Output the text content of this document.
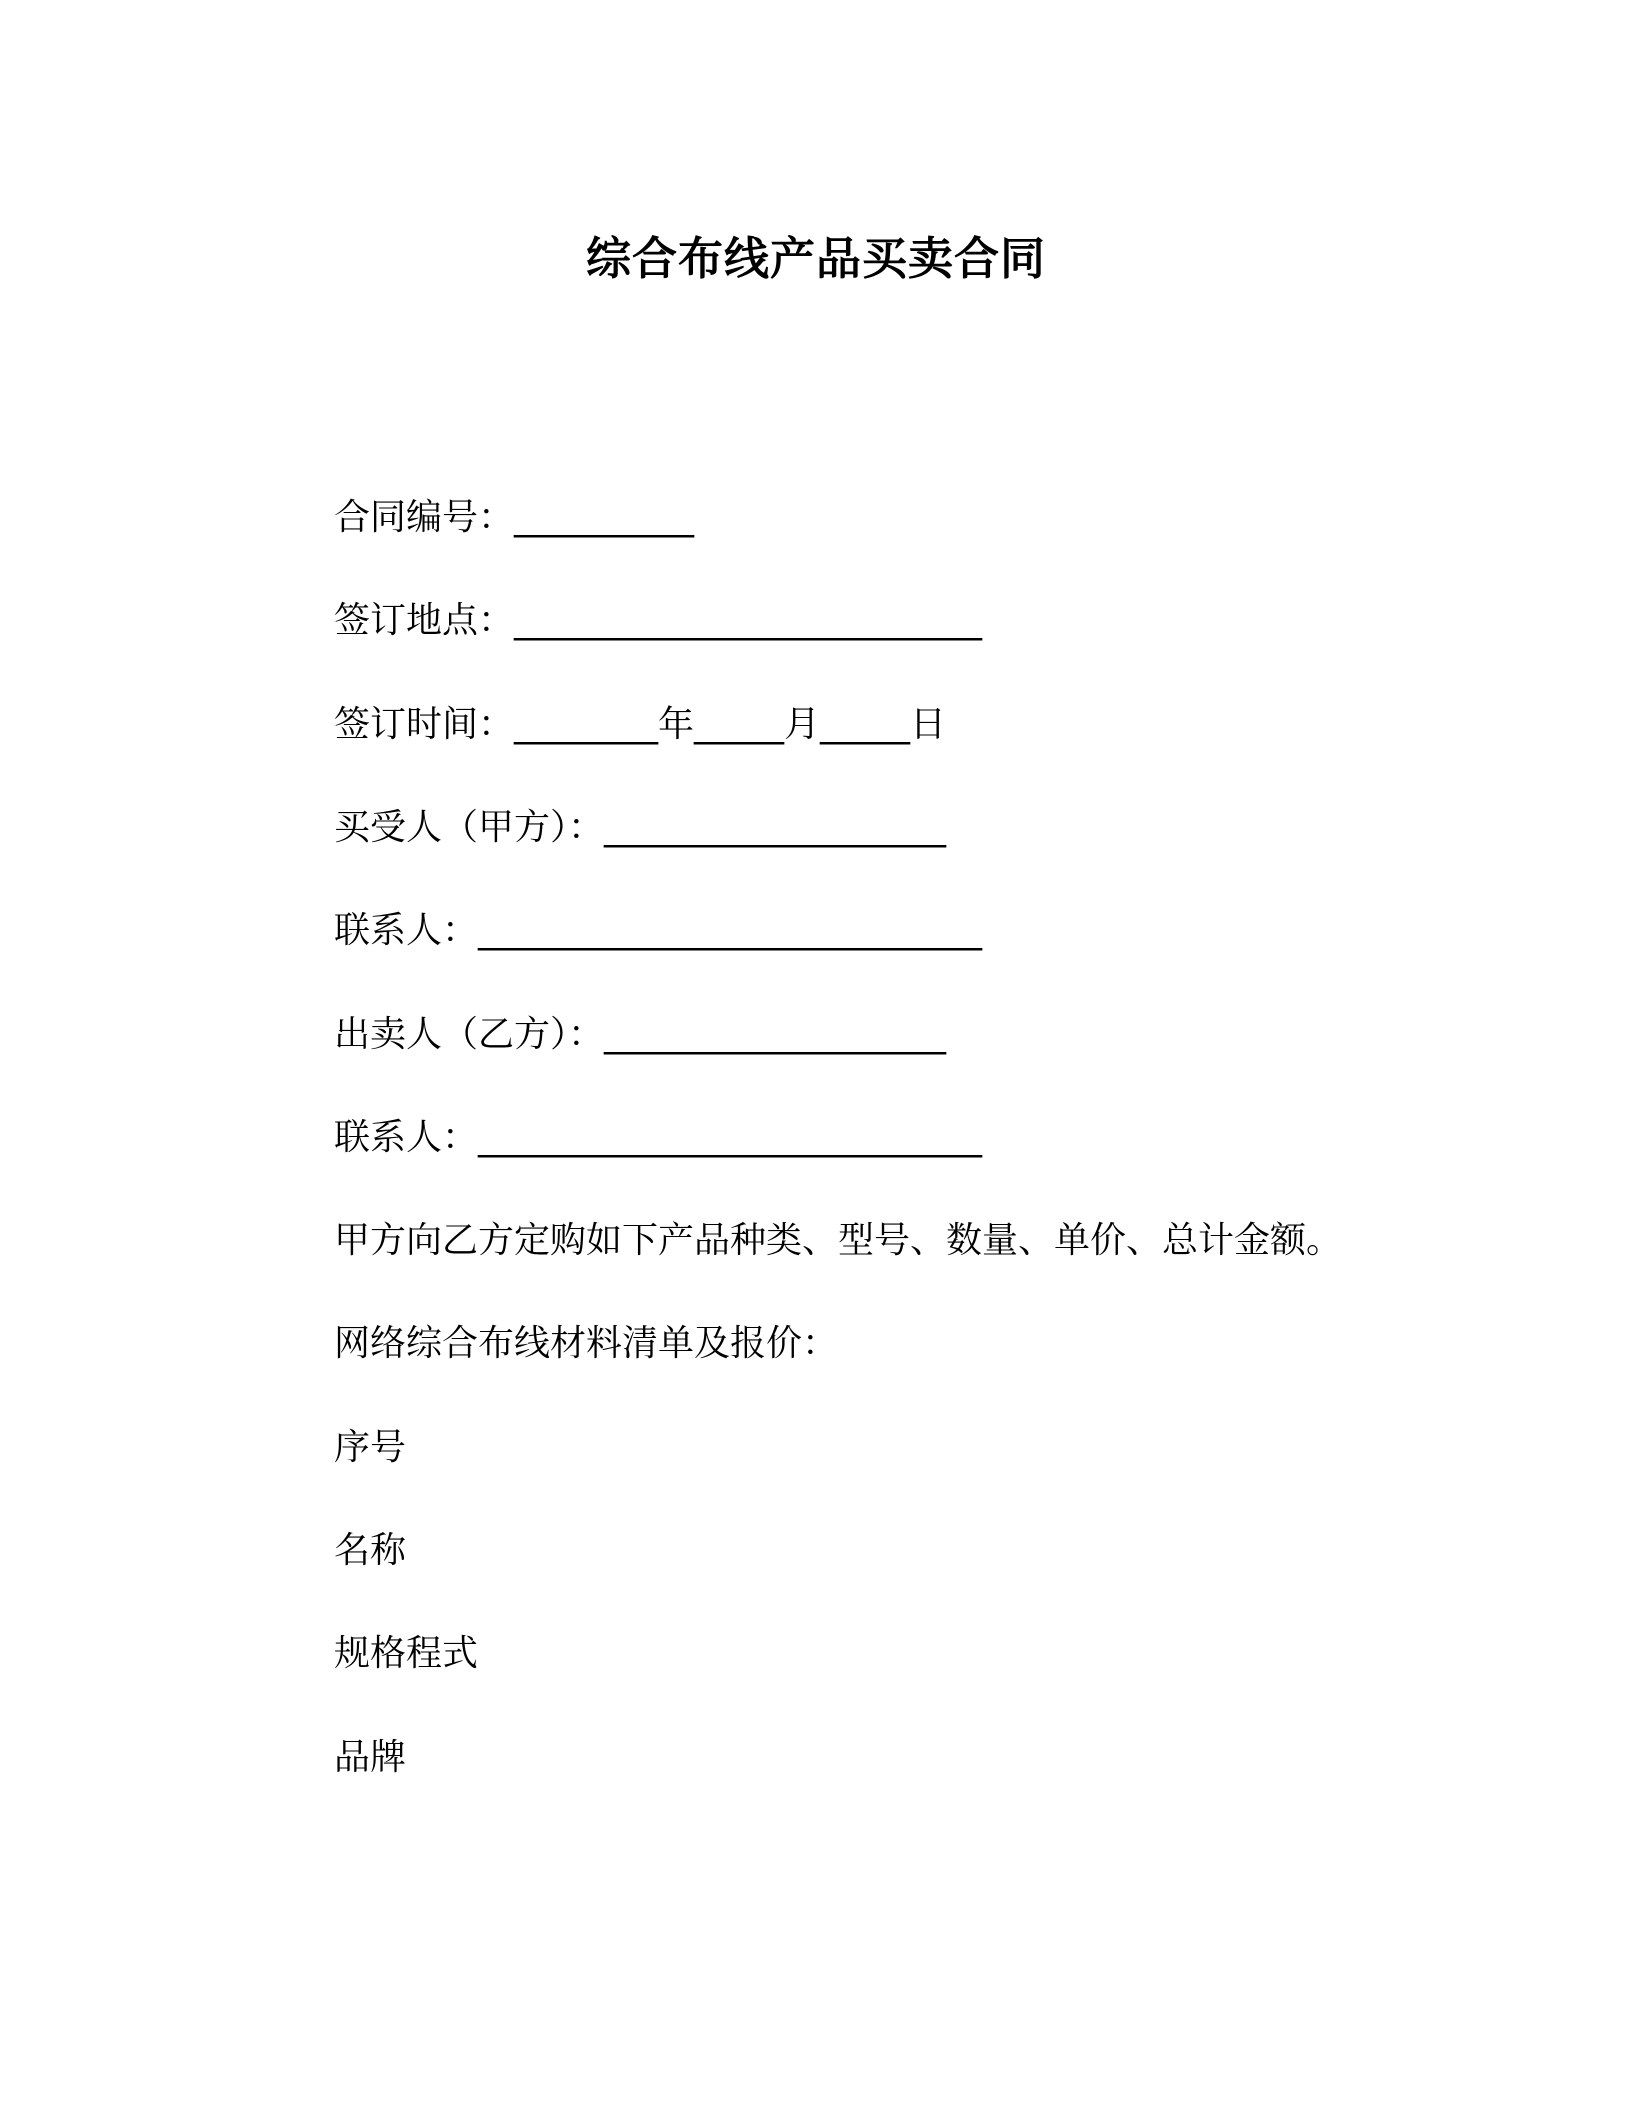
综合布线产品买卖合同
合同编号：__________
签订地点：__________________________
签订时间：________年_____月_____日
买受人（甲方）：___________________
联系人：____________________________
出卖人（乙方）：___________________
联系人：____________________________
甲方向乙方定购如下产品种类、型号、数量、单价、总计金额。
网络综合布线材料清单及报价：
序号
名称
规格程式
品牌
